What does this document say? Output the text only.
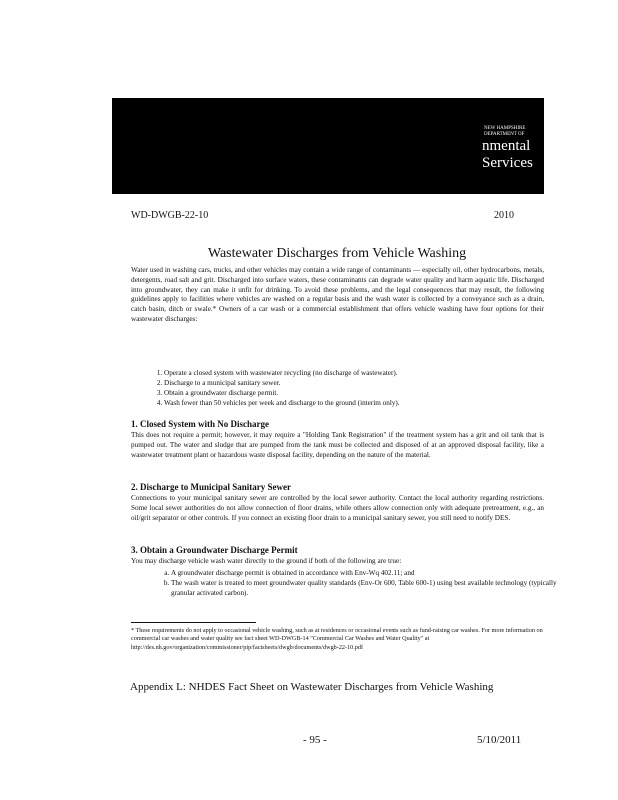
NEW HAMPSHIRE
DEPARTMENT OF
nmental
Services
WD-DWGB-22-10	2010
Wastewater Discharges from Vehicle Washing
Water used in washing cars, trucks, and other vehicles may contain a wide range of contaminants — especially oil, other hydrocarbons, metals, detergents, road salt and grit. Discharged into surface waters, these contaminants can degrade water quality and harm aquatic life. Discharged into groundwater, they can make it unfit for drinking. To avoid these problems, and the legal consequences that may result, the following guidelines apply to facilities where vehicles are washed on a regular basis and the wash water is collected by a conveyance such as a drain, catch basin, ditch or swale.* Owners of a car wash or a commercial establishment that offers vehicle washing have four options for their wastewater discharges:
1. Operate a closed system with wastewater recycling (no discharge of wastewater).
2. Discharge to a municipal sanitary sewer.
3. Obtain a groundwater discharge permit.
4. Wash fewer than 50 vehicles per week and discharge to the ground (interim only).
1. Closed System with No Discharge
This does not require a permit; however, it may require a "Holding Tank Registration" if the treatment system has a grit and oil tank that is pumped out. The water and sludge that are pumped from the tank must be collected and disposed of at an approved disposal facility, like a wastewater treatment plant or hazardous waste disposal facility, depending on the nature of the material.
2. Discharge to Municipal Sanitary Sewer
Connections to your municipal sanitary sewer are controlled by the local sewer authority. Contact the local authority regarding restrictions. Some local sewer authorities do not allow connection of floor drains, while others allow connection only with adequate pretreatment, e.g., an oil/grit separator or other controls. If you connect an existing floor drain to a municipal sanitary sewer, you still need to notify DES.
3. Obtain a Groundwater Discharge Permit
You may discharge vehicle wash water directly to the ground if both of the following are true:
a. A groundwater discharge permit is obtained in accordance with Env-Wq 402.11; and
b. The wash water is treated to meet groundwater quality standards (Env-Or 600, Table 600-1) using best available technology (typically granular activated carbon).
* These requirements do not apply to occasional vehicle washing, such as at residences or occasional events such as fund-raising car washes. For more information on commercial car washes and water quality see fact sheet WD-DWGB-14 "Commercial Car Washes and Water Quality" at http://des.nh.gov/organization/commissioner/pip/factsheets/dwgb/documents/dwgb-22-10.pdf
Appendix L: NHDES Fact Sheet on Wastewater Discharges from Vehicle Washing
- 95 -	5/10/2011
